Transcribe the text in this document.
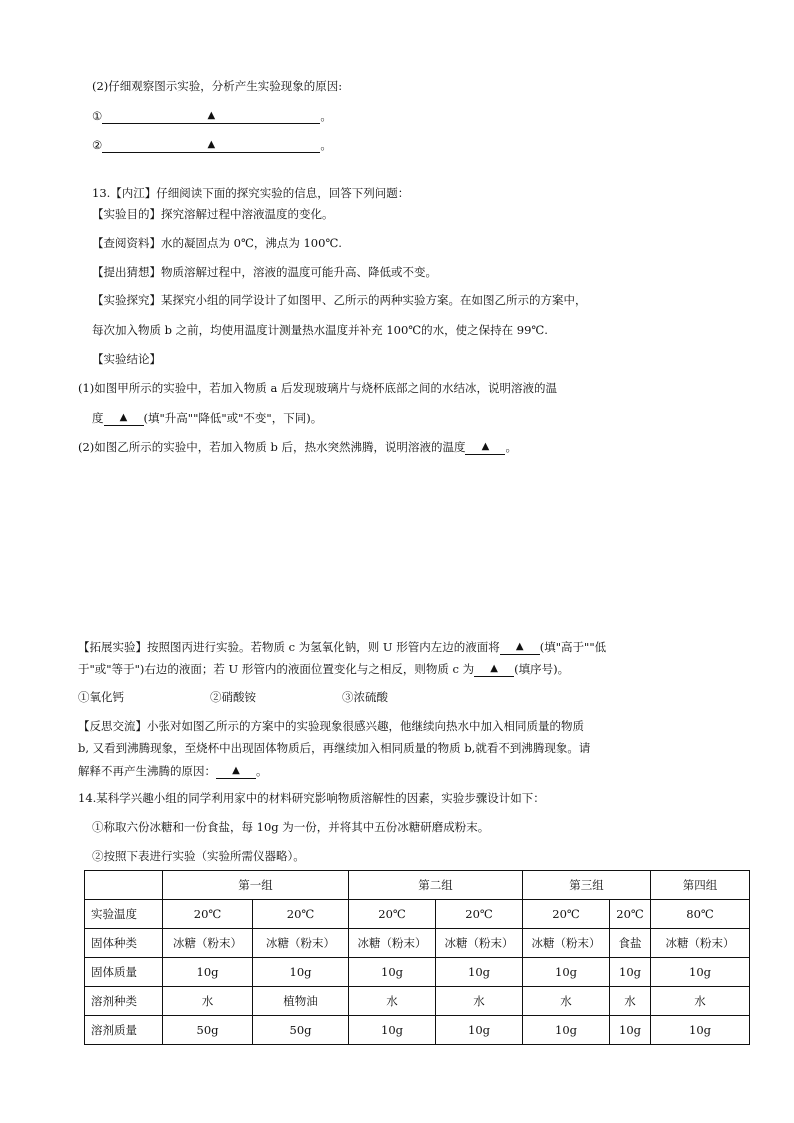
(2)仔细观察图示实验，分析产生实验现象的原因:
①	▲	。
②	▲	。
13.【内江】仔细阅读下面的探究实验的信息，回答下列问题：
【实验目的】探究溶解过程中溶液温度的变化。
【查阅资料】水的凝固点为 0℃，沸点为 100℃.
【提出猜想】物质溶解过程中，溶液的温度可能升高、降低或不变。
【实验探究】某探究小组的同学设计了如图甲、乙所示的两种实验方案。在如图乙所示的方案中，
每次加入物质 b 之前，均使用温度计测量热水温度并补充 100℃的水，使之保持在 99℃.
【实验结论】
(1)如图甲所示的实验中，若加入物质 a 后发现玻璃片与烧杯底部之间的水结冰，说明溶液的温
度 ▲ (填"升高""降低"或"不变"，下同)。
(2)如图乙所示的实验中，若加入物质 b 后，热水突然沸腾，说明溶液的温度 ▲ 。
【拓展实验】按照图丙进行实验。若物质 c 为氢氧化钠，则 U 形管内左边的液面将 ▲ (填"高于""低
于"或"等于")右边的液面；若 U 形管内的液面位置变化与之相反，则物质 c 为 ▲ (填序号)。
①氧化钙	②硝酸铵	③浓硫酸
【反思交流】小张对如图乙所示的方案中的实验现象很感兴趣，他继续向热水中加入相同质量的物质
b, 又看到沸腾现象，至烧杯中出现固体物质后，再继续加入相同质量的物质 b,就看不到沸腾现象。请
解释不再产生沸腾的原因： ▲ 。
14.某科学兴趣小组的同学利用家中的材料研究影响物质溶解性的因素，实验步骤设计如下：
①称取六份冰糖和一份食盐，每 10g 为一份，并将其中五份冰糖研磨成粉末。
②按照下表进行实验（实验所需仪器略）。
	第一组		第二组		第三组		第四组
实验温度	20℃	20℃	20℃	20℃	20℃	20℃	80℃
固体种类	冰糖（粉末）	冰糖（粉末）	冰糖（粉末）	冰糖（粉末）	冰糖（粉末）	食盐	冰糖（粉末）
固体质量	10g	10g	10g	10g	10g	10g	10g
溶剂种类	水	植物油	水	水	水	水	水
溶剂质量	50g	50g	10g	10g	10g	10g	10g
